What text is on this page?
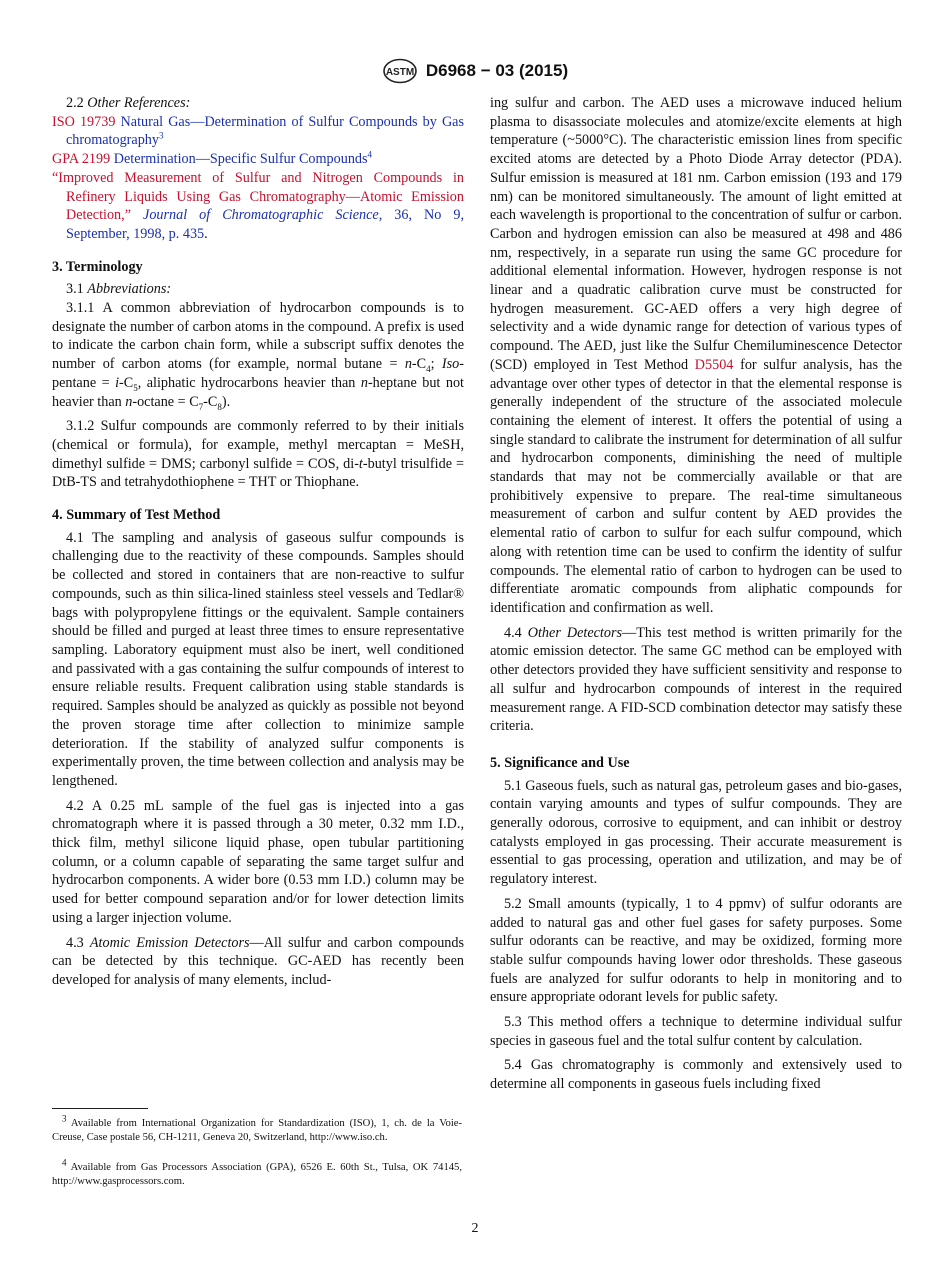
ASTM D6968 − 03 (2015)

2.2 Other References:

ISO 19739 Natural Gas—Determination of Sulfur Compounds by Gas chromatography$^3$

GPA 2199 Determination—Specific Sulfur Compounds$^4$

“Improved Measurement of Sulfur and Nitrogen Compounds in Refinery Liquids Using Gas Chromatography—Atomic Emission Detection,” Journal of Chromatographic Science, 36, No 9, September, 1998, p. 435.

3. Terminology

3.1 Abbreviations:

3.1.1 A common abbreviation of hydrocarbon compounds is to designate the number of carbon atoms in the compound. A prefix is used to indicate the carbon chain form, while a subscript suffix denotes the number of carbon atoms (for example, normal $butane = n-C_4$; $Iso-pentane = i-C_5$, aliphatic hydrocarbons heavier than n-heptane but not heavier than $n-octane = C_7-C_8$).

3.1.2 Sulfur compounds are commonly referred to by their initials (chemical or formula), for example, methyl mercaptan = MeSH, dimethyl sulfide = DMS; carbonyl sulfide = COS, di-t-butyl trisulfide = DtB-TS and tetrahydothiophene = THT or Thiophane.

4. Summary of Test Method

4.1 The sampling and analysis of gaseous sulfur compounds is challenging due to the reactivity of these compounds. Samples should be collected and stored in containers that are non-reactive to sulfur compounds, such as thin silica-lined stainless steel vessels and Tedlar® bags with polypropylene fittings or the equivalent. Sample containers should be filled and purged at least three times to ensure representative sampling. Laboratory equipment must also be inert, well conditioned and passivated with a gas containing the sulfur compounds of interest to ensure reliable results. Frequent calibration using stable standards is required. Samples should be analyzed as quickly as possible not beyond the proven storage time after collection to minimize sample deterioration. If the stability of analyzed sulfur components is experimentally proven, the time between collection and analysis may be lengthened.

4.2 A 0.25 mL sample of the fuel gas is injected into a gas chromatograph where it is passed through a 30 meter, 0.32 mm I.D., thick film, methyl silicone liquid phase, open tubular partitioning column, or a column capable of separating the same target sulfur and hydrocarbon components. A wider bore (0.53 mm I.D.) column may be used for better compound separation and/or for lower detection limits using a larger injection volume.

4.3 Atomic Emission Detectors—All sulfur and carbon compounds can be detected by this technique. GC-AED has recently been developed for analysis of many elements, includ-

$^3$ Available from International Organization for Standardization (ISO), 1, ch. de la Voie-Creuse, Case postale 56, CH-1211, Geneva 20, Switzerland, http://www.iso.ch.

$^4$ Available from Gas Processors Association (GPA), 6526 E. 60th St., Tulsa, OK 74145, http://www.gasprocessors.com.

ing sulfur and carbon. The AED uses a microwave induced helium plasma to disassociate molecules and atomize/excite elements at high temperature (~5000°C). The characteristic emission lines from specific excited atoms are detected by a Photo Diode Array detector (PDA). Sulfur emission is measured at 181 nm. Carbon emission (193 and 179 nm) can be monitored simultaneously. The amount of light emitted at each wavelength is proportional to the concentration of sulfur or carbon. Carbon and hydrogen emission can also be measured at 498 and 486 nm, respectively, in a separate run using the same GC procedure for additional elemental information. However, hydrogen response is not linear and a quadratic calibration curve must be constructed for hydrogen measurement. GC-AED offers a very high degree of selectivity and a wide dynamic range for detection of various types of compound. The AED, just like the Sulfur Chemiluminescence Detector (SCD) employed in Test Method D5504 for sulfur analysis, has the advantage over other types of detector in that the elemental response is generally independent of the structure of the associated molecule containing the element of interest. It offers the potential of using a single standard to calibrate the instrument for determination of all sulfur and hydrocarbon components, diminishing the need of multiple standards that may not be commercially available or that are prohibitively expensive to prepare. The real-time simultaneous measurement of carbon and sulfur content by AED provides the elemental ratio of carbon to sulfur for each sulfur compound, which along with retention time can be used to confirm the identity of sulfur compounds. The elemental ratio of carbon to hydrogen can be used to differentiate aromatic compounds from aliphatic compounds for identification and confirmation as well.

4.4 Other Detectors—This test method is written primarily for the atomic emission detector. The same GC method can be employed with other detectors provided they have sufficient sensitivity and response to all sulfur and hydrocarbon compounds of interest in the required measurement range. A FID-SCD combination detector may satisfy these criteria.

5. Significance and Use

5.1 Gaseous fuels, such as natural gas, petroleum gases and bio-gases, contain varying amounts and types of sulfur compounds. They are generally odorous, corrosive to equipment, and can inhibit or destroy catalysts employed in gas processing. Their accurate measurement is essential to gas processing, operation and utilization, and may be of regulatory interest.

5.2 Small amounts (typically, 1 to 4 ppmv) of sulfur odorants are added to natural gas and other fuel gases for safety purposes. Some sulfur odorants can be reactive, and may be oxidized, forming more stable sulfur compounds having lower odor thresholds. These gaseous fuels are analyzed for sulfur odorants to help in monitoring and to ensure appropriate odorant levels for public safety.

5.3 This method offers a technique to determine individual sulfur species in gaseous fuel and the total sulfur content by calculation.

5.4 Gas chromatography is commonly and extensively used to determine all components in gaseous fuels including fixed

2
